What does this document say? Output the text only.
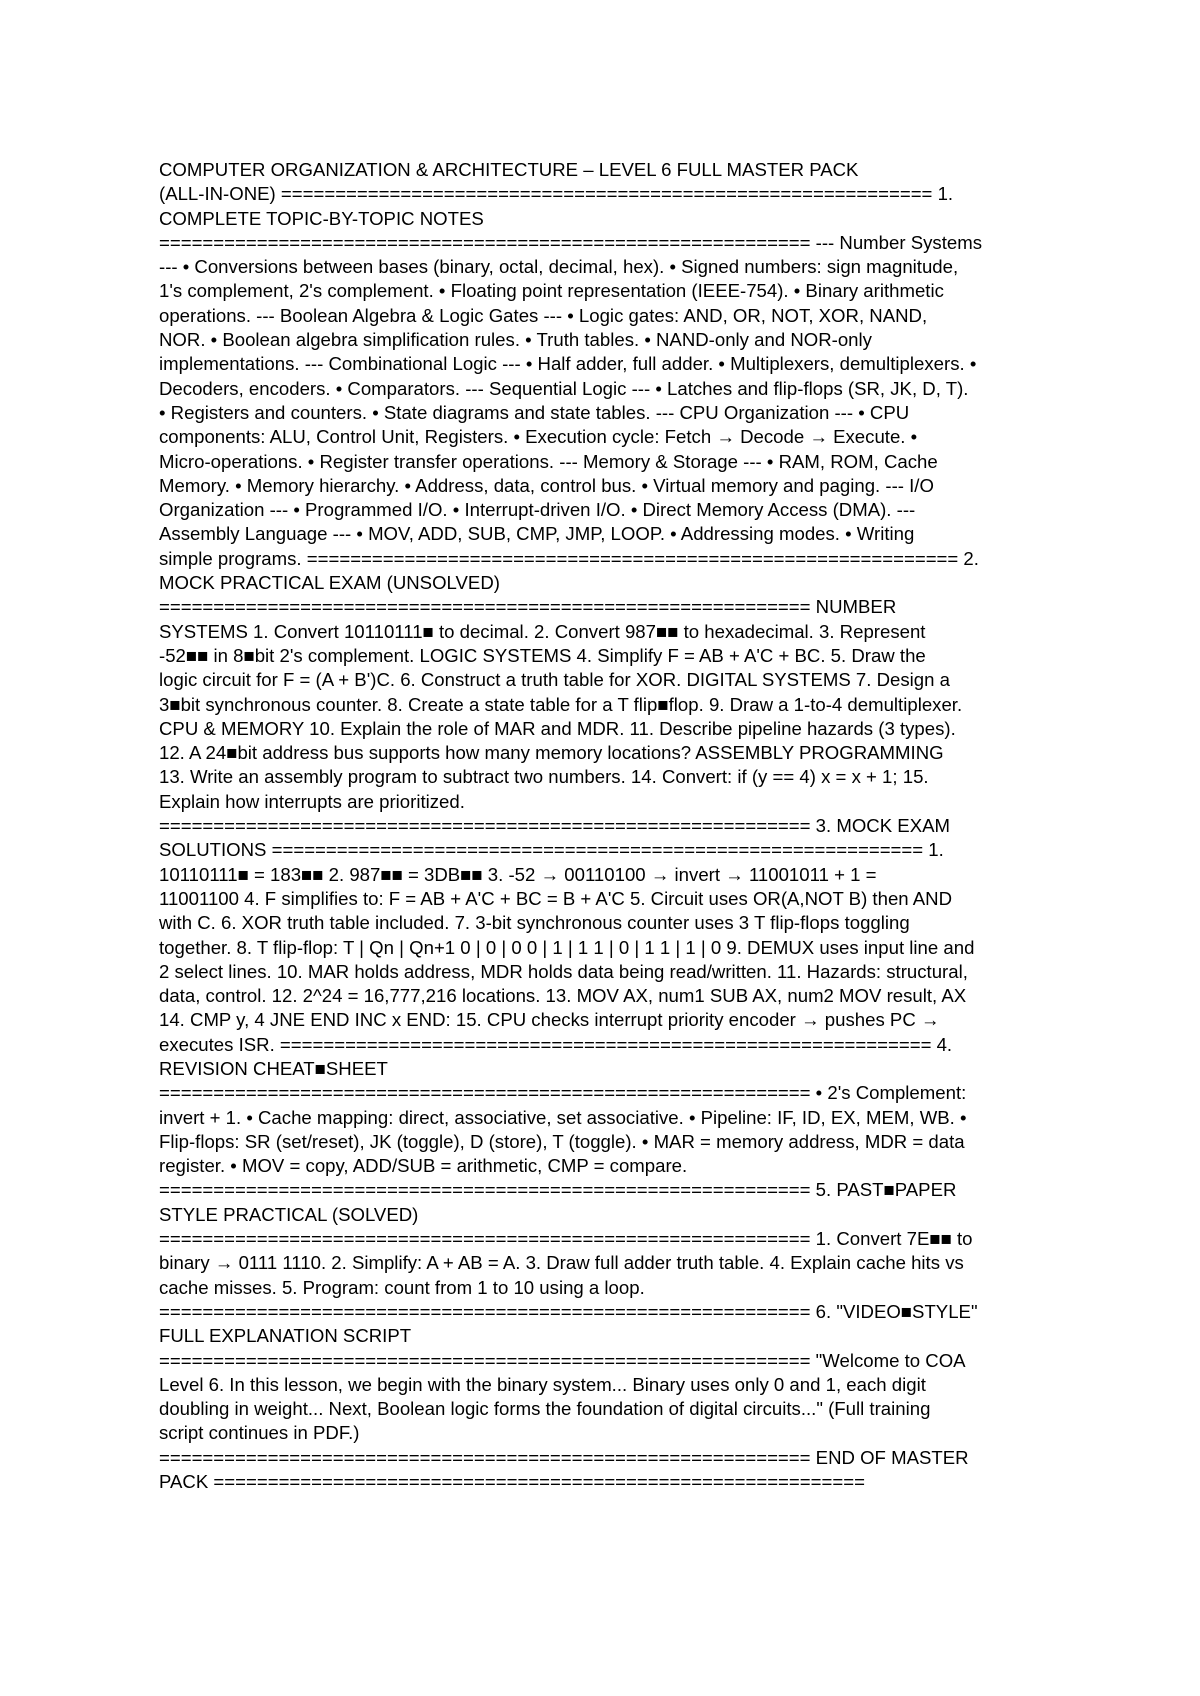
COMPUTER ORGANIZATION & ARCHITECTURE – LEVEL 6 FULL MASTER PACK
(ALL-IN-ONE) ============================================================ 1.
COMPLETE TOPIC-BY-TOPIC NOTES
============================================================ --- Number Systems
--- • Conversions between bases (binary, octal, decimal, hex). • Signed numbers: sign magnitude,
1's complement, 2's complement. • Floating point representation (IEEE-754). • Binary arithmetic
operations. --- Boolean Algebra & Logic Gates --- • Logic gates: AND, OR, NOT, XOR, NAND,
NOR. • Boolean algebra simplification rules. • Truth tables. • NAND-only and NOR-only
implementations. --- Combinational Logic --- • Half adder, full adder. • Multiplexers, demultiplexers. •
Decoders, encoders. • Comparators. --- Sequential Logic --- • Latches and flip-flops (SR, JK, D, T).
• Registers and counters. • State diagrams and state tables. --- CPU Organization --- • CPU
components: ALU, Control Unit, Registers. • Execution cycle: Fetch → Decode → Execute. •
Micro-operations. • Register transfer operations. --- Memory & Storage --- • RAM, ROM, Cache
Memory. • Memory hierarchy. • Address, data, control bus. • Virtual memory and paging. --- I/O
Organization --- • Programmed I/O. • Interrupt-driven I/O. • Direct Memory Access (DMA). ---
Assembly Language --- • MOV, ADD, SUB, CMP, JMP, LOOP. • Addressing modes. • Writing
simple programs. ============================================================ 2.
MOCK PRACTICAL EXAM (UNSOLVED)
============================================================ NUMBER
SYSTEMS 1. Convert 10110111■ to decimal. 2. Convert 987■■ to hexadecimal. 3. Represent
-52■■ in 8■bit 2's complement. LOGIC SYSTEMS 4. Simplify F = AB + A'C + BC. 5. Draw the
logic circuit for F = (A + B')C. 6. Construct a truth table for XOR. DIGITAL SYSTEMS 7. Design a
3■bit synchronous counter. 8. Create a state table for a T flip■flop. 9. Draw a 1-to-4 demultiplexer.
CPU & MEMORY 10. Explain the role of MAR and MDR. 11. Describe pipeline hazards (3 types).
12. A 24■bit address bus supports how many memory locations? ASSEMBLY PROGRAMMING
13. Write an assembly program to subtract two numbers. 14. Convert: if (y == 4) x = x + 1; 15.
Explain how interrupts are prioritized.
============================================================ 3. MOCK EXAM
SOLUTIONS ============================================================ 1.
10110111■ = 183■■ 2. 987■■ = 3DB■■ 3. -52 → 00110100 → invert → 11001011 + 1 =
11001100 4. F simplifies to: F = AB + A'C + BC = B + A'C 5. Circuit uses OR(A,NOT B) then AND
with C. 6. XOR truth table included. 7. 3-bit synchronous counter uses 3 T flip-flops toggling
together. 8. T flip-flop: T | Qn | Qn+1 0 | 0 | 0 0 | 1 | 1 1 | 0 | 1 1 | 1 | 0 9. DEMUX uses input line and
2 select lines. 10. MAR holds address, MDR holds data being read/written. 11. Hazards: structural,
data, control. 12. 2^24 = 16,777,216 locations. 13. MOV AX, num1 SUB AX, num2 MOV result, AX
14. CMP y, 4 JNE END INC x END: 15. CPU checks interrupt priority encoder → pushes PC →
executes ISR. ============================================================ 4.
REVISION CHEAT■SHEET
============================================================ • 2's Complement:
invert + 1. • Cache mapping: direct, associative, set associative. • Pipeline: IF, ID, EX, MEM, WB. •
Flip-flops: SR (set/reset), JK (toggle), D (store), T (toggle). • MAR = memory address, MDR = data
register. • MOV = copy, ADD/SUB = arithmetic, CMP = compare.
============================================================ 5. PAST■PAPER
STYLE PRACTICAL (SOLVED)
============================================================ 1. Convert 7E■■ to
binary → 0111 1110. 2. Simplify: A + AB = A. 3. Draw full adder truth table. 4. Explain cache hits vs
cache misses. 5. Program: count from 1 to 10 using a loop.
============================================================ 6. "VIDEO■STYLE"
FULL EXPLANATION SCRIPT
============================================================ "Welcome to COA
Level 6. In this lesson, we begin with the binary system... Binary uses only 0 and 1, each digit
doubling in weight... Next, Boolean logic forms the foundation of digital circuits..." (Full training
script continues in PDF.)
============================================================ END OF MASTER
PACK ============================================================
